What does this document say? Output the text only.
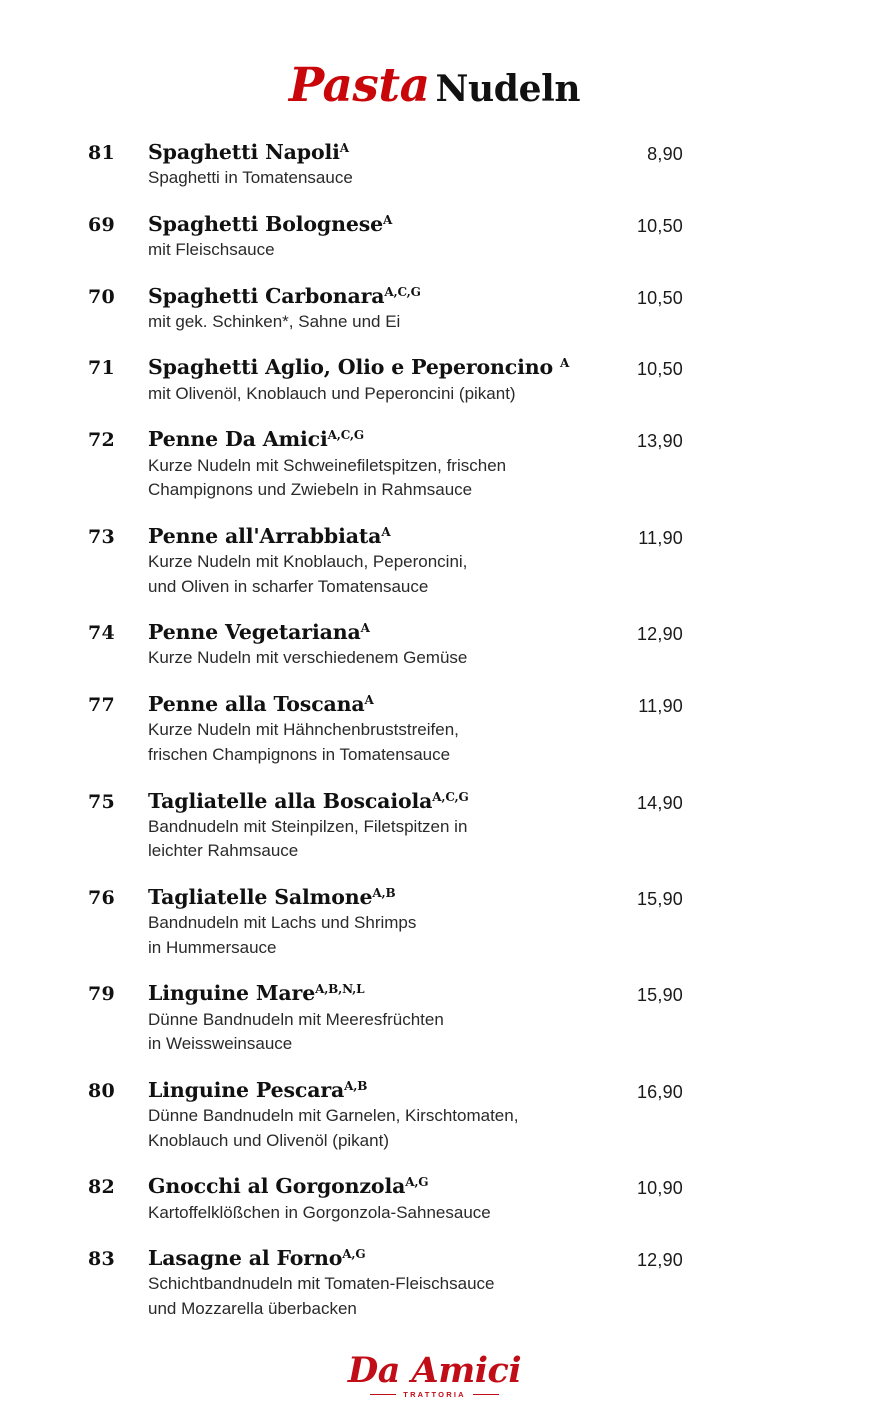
Pasta Nudeln
81	Spaghetti Napoli$^A$
Spaghetti in Tomatensauce
8,90
69	Spaghetti Bolognese$^A$
mit Fleischsauce
10,50
70	Spaghetti Carbonara$^{A,C,G}$
mit gek. Schinken*, Sahne und Ei
10,50
71	Spaghetti Aglio, Olio e Peperoncino $^A$
mit Olivenöl, Knoblauch und Peperoncini (pikant)
10,50
72	Penne Da Amici$^{A,C,G}$
Kurze Nudeln mit Schweinefiletspitzen, frischen
Champignons und Zwiebeln in Rahmsauce
13,90
73	Penne all'Arrabbiata$^A$
Kurze Nudeln mit Knoblauch, Peperoncini,
und Oliven in scharfer Tomatensauce
11,90
74	Penne Vegetariana$^A$
Kurze Nudeln mit verschiedenem Gemüse
12,90
77	Penne alla Toscana$^A$
Kurze Nudeln mit Hähnchenbruststreifen,
frischen Champignons in Tomatensauce
11,90
75	Tagliatelle alla Boscaiola$^{A,C,G}$
Bandnudeln mit Steinpilzen, Filetspitzen in
leichter Rahmsauce
14,90
76	Tagliatelle Salmone$^{A,B}$
Bandnudeln mit Lachs und Shrimps
in Hummersauce
15,90
79	Linguine Mare$^{A,B,N,L}$
Dünne Bandnudeln mit Meeresfrüchten
in Weissweinsauce
15,90
80	Linguine Pescara$^{A,B}$
Dünne Bandnudeln mit Garnelen, Kirschtomaten,
Knoblauch und Olivenöl (pikant)
16,90
82	Gnocchi al Gorgonzola$^{A,G}$
Kartoffelklößchen in Gorgonzola-Sahnesauce
10,90
83	Lasagne al Forno$^{A,G}$
Schichtbandnudeln mit Tomaten-Fleischsauce
und Mozzarella überbacken
12,90
Da Amici
TRATTORIA
